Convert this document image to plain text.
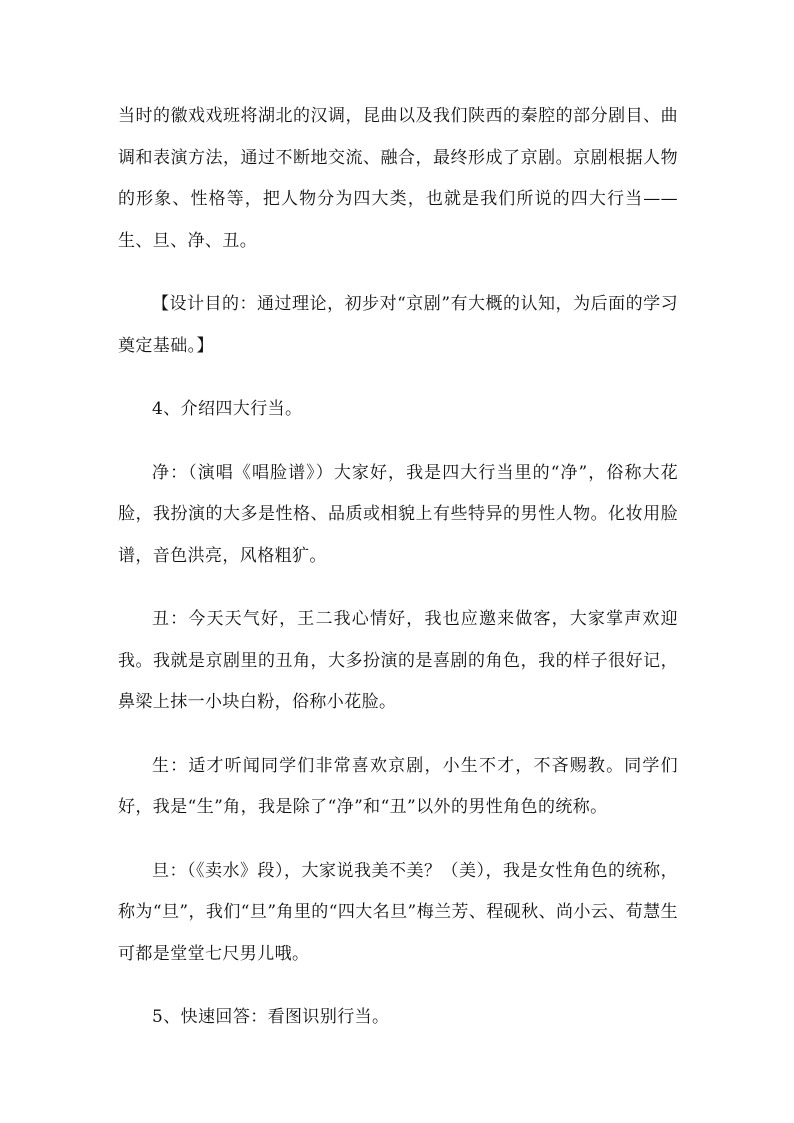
当时的徽戏戏班将湖北的汉调，昆曲以及我们陕西的秦腔的部分剧目、曲调和表演方法，通过不断地交流、融合，最终形成了京剧。京剧根据人物的形象、性格等，把人物分为四大类，也就是我们所说的四大行当——生、旦、净、丑。

【设计目的：通过理论，初步对“京剧”有大概的认知，为后面的学习奠定基础。】

4、介绍四大行当。

净：（演唱《唱脸谱》）大家好，我是四大行当里的“净”，俗称大花脸，我扮演的大多是性格、品质或相貌上有些特异的男性人物。化妆用脸谱，音色洪亮，风格粗犷。

丑：今天天气好，王二我心情好，我也应邀来做客，大家掌声欢迎我。我就是京剧里的丑角，大多扮演的是喜剧的角色，我的样子很好记，鼻梁上抹一小块白粉，俗称小花脸。

生：适才听闻同学们非常喜欢京剧，小生不才，不吝赐教。同学们好，我是“生”角，我是除了“净”和“丑”以外的男性角色的统称。

旦：（《卖水》段），大家说我美不美？（美），我是女性角色的统称，称为“旦”，我们“旦”角里的“四大名旦”梅兰芳、程砚秋、尚小云、荀慧生可都是堂堂七尺男儿哦。

5、快速回答：看图识别行当。
